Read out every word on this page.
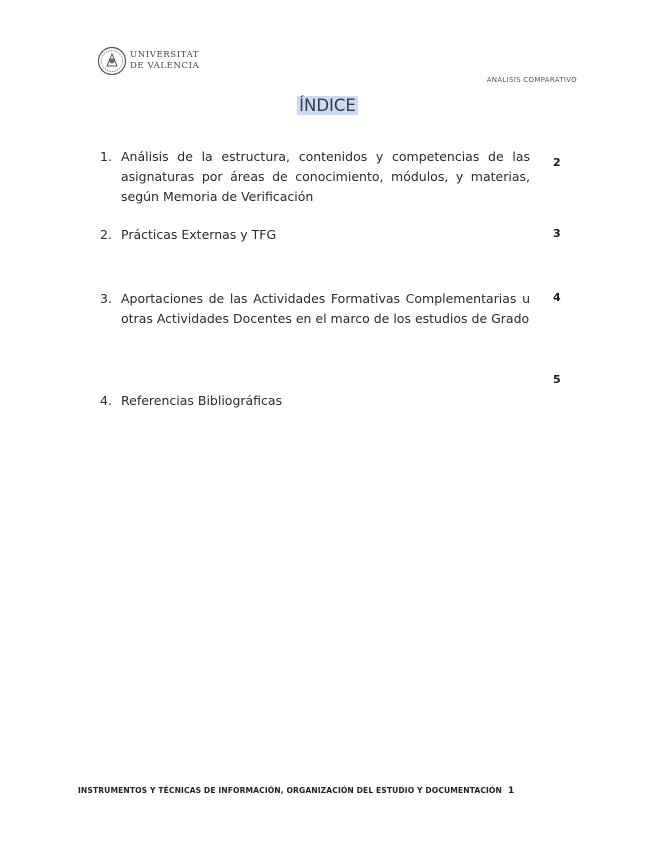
UNIVERSITAT
DE VALÈNCIA
ANÁLISIS COMPARATIVO
ÍNDICE
1. Análisis de la estructura, contenidos y competencias de las asignaturas por áreas de conocimiento, módulos, y materias, según Memoria de Verificación
2
2. Prácticas Externas y TFG	3
3. Aportaciones de las Actividades Formativas Complementarias u otras Actividades Docentes en el marco de los estudios de Grado
4
4. Referencias Bibliográficas
5
INSTRUMENTOS Y TÉCNICAS DE INFORMACIÓN, ORGANIZACIÓN DEL ESTUDIO Y DOCUMENTACIÓN 1
